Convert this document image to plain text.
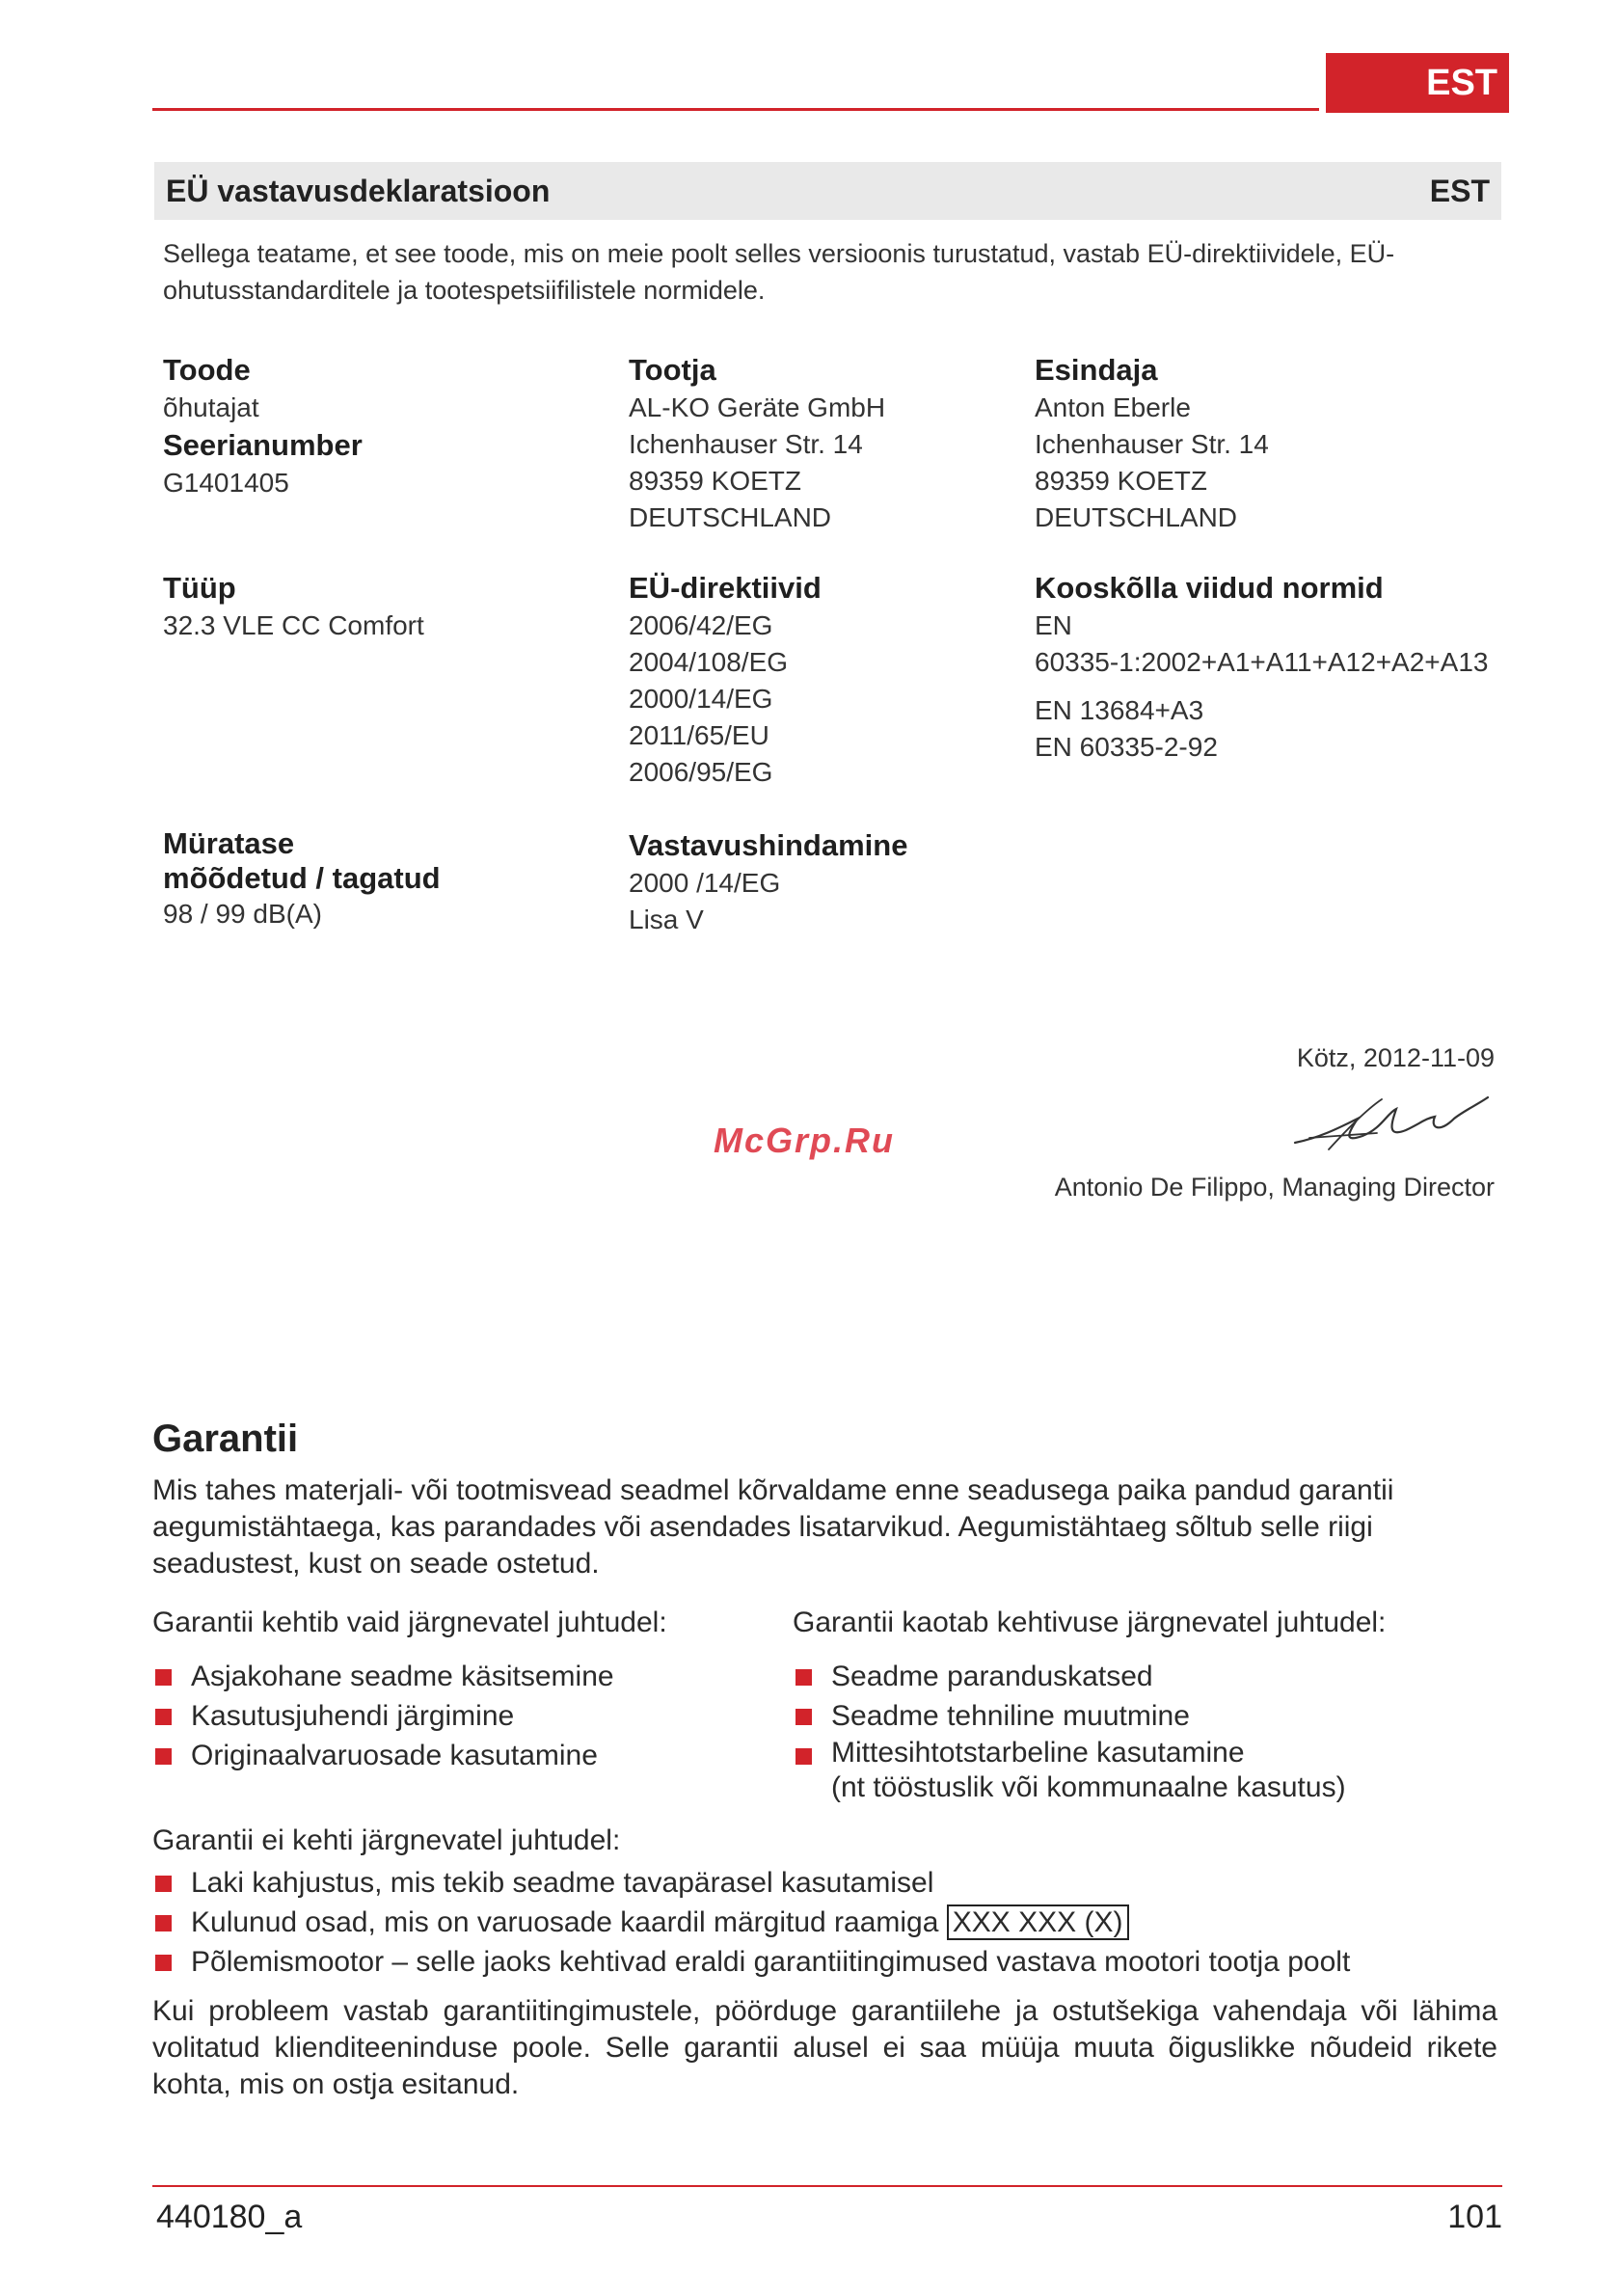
EST
EÜ vastavusdeklaratsioon	EST
Sellega teatame, et see toode, mis on meie poolt selles versioonis turustatud, vastab EÜ-direktiividele, EÜ-ohutusstandarditele ja tootespetsiifilistele normidele.
Toode
õhutajat
Seerianumber
G1401405
Tootja
AL-KO Geräte GmbH
Ichenhauser Str. 14
89359 KOETZ
DEUTSCHLAND
Esindaja
Anton Eberle
Ichenhauser Str. 14
89359 KOETZ
DEUTSCHLAND
Tüüp
32.3 VLE CC Comfort
EÜ-direktiivid
2006/42/EG
2004/108/EG
2000/14/EG
2011/65/EU
2006/95/EG
Kooskõlla viidud normid
EN
60335-1:2002+A1+A11+A12+A2+A13
EN 13684+A3
EN 60335-2-92
Müratase
mõõdetud / tagatud
98 / 99 dB(A)
Vastavushindamine
2000 /14/EG
Lisa V
Kötz, 2012-11-09
McGrp.Ru
Antonio De Filippo, Managing Director
Garantii
Mis tahes materjali- või tootmisvead seadmel kõrvaldame enne seadusega paika pandud garantii aegumistähtaega, kas parandades või asendades lisatarvikud. Aegumistähtaeg sõltub selle riigi seadustest, kust on seade ostetud.
Garantii kehtib vaid järgnevatel juhtudel:
Asjakohane seadme käsitsemine
Kasutusjuhendi järgimine
Originaalvaruosade kasutamine
Garantii kaotab kehtivuse järgnevatel juhtudel:
Seadme paranduskatsed
Seadme tehniline muutmine
Mittesihtotstarbeline kasutamine
(nt tööstuslik või kommunaalne kasutus)
Garantii ei kehti järgnevatel juhtudel:
Laki kahjustus, mis tekib seadme tavapärasel kasutamisel
Kulunud osad, mis on varuosade kaardil märgitud raamiga XXX XXX (X)
Põlemismootor – selle jaoks kehtivad eraldi garantiitingimused vastava mootori tootja poolt
Kui probleem vastab garantiitingimustele, pöörduge garantiilehe ja ostutšekiga vahendaja või lähima volitatud klienditeeninduse poole. Selle garantii alusel ei saa müüja muuta õiguslikke nõudeid rikete kohta, mis on ostja esitanud.
440180_a	101
